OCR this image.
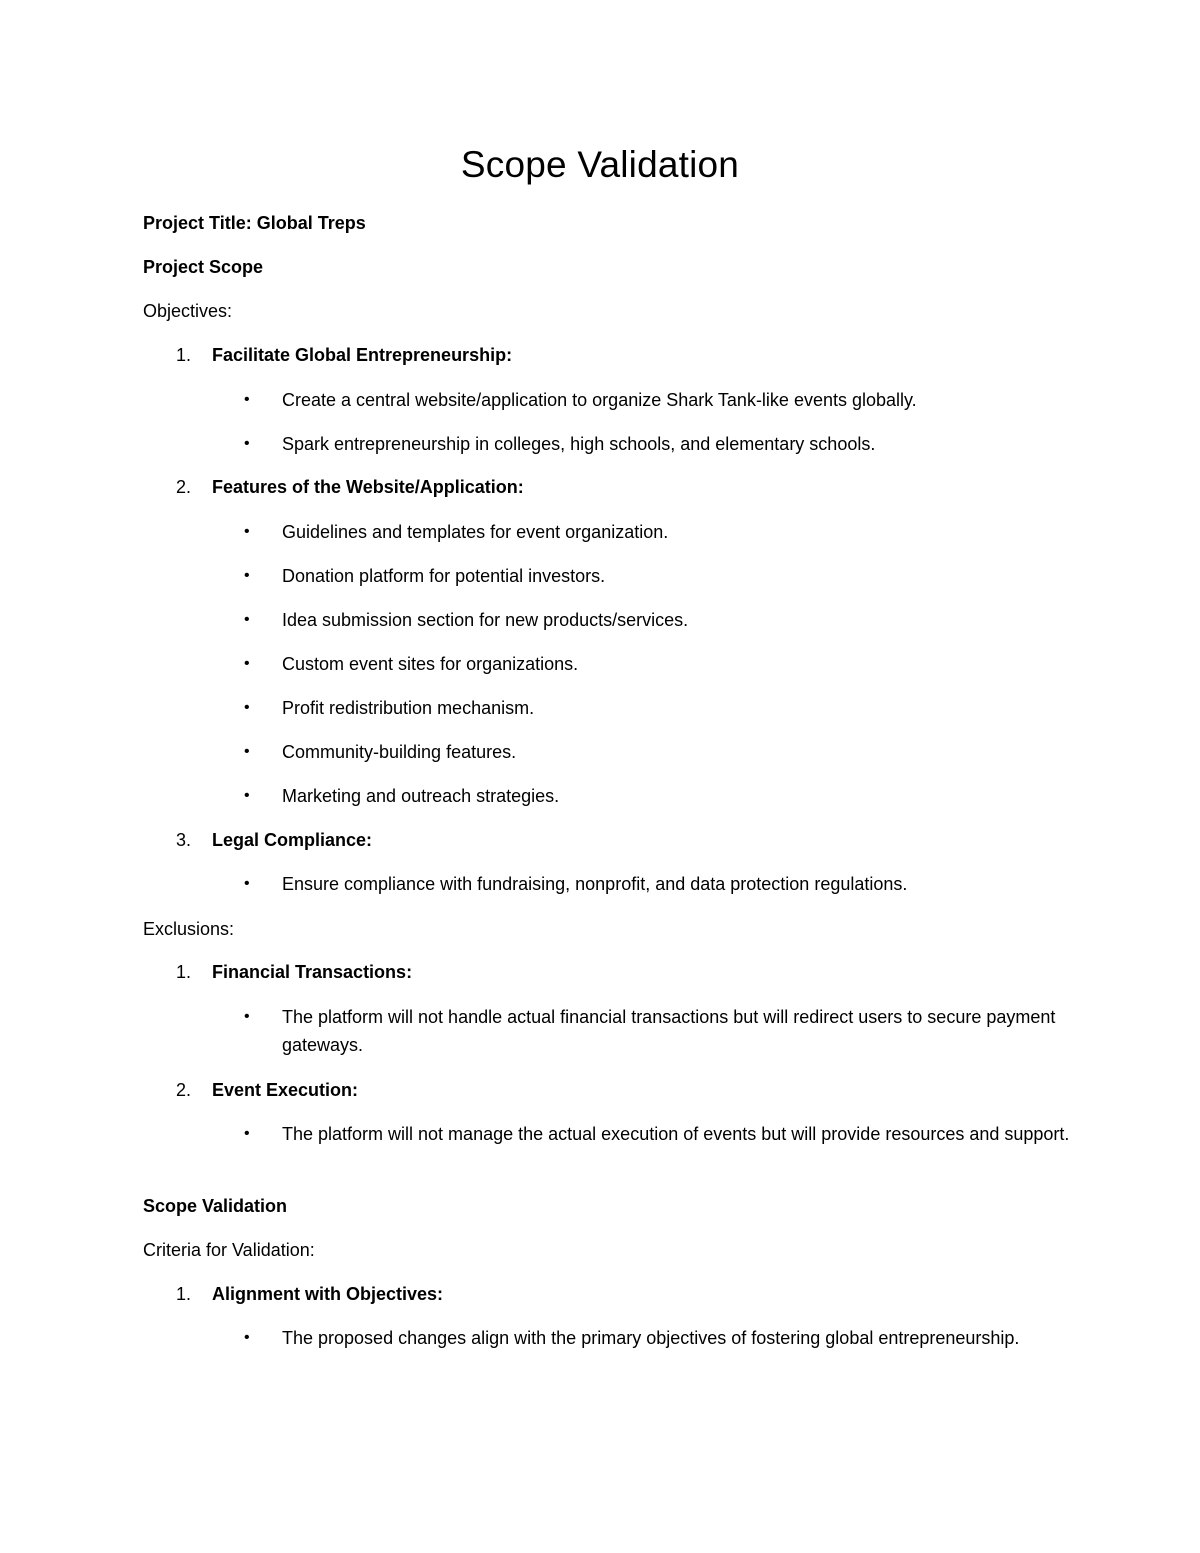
Scope Validation
Project Title: Global Treps
Project Scope
Objectives:
1. Facilitate Global Entrepreneurship:
•	Create a central website/application to organize Shark Tank-like events globally.
•	Spark entrepreneurship in colleges, high schools, and elementary schools.
2. Features of the Website/Application:
•	Guidelines and templates for event organization.
•	Donation platform for potential investors.
•	Idea submission section for new products/services.
•	Custom event sites for organizations.
•	Profit redistribution mechanism.
•	Community-building features.
•	Marketing and outreach strategies.
3. Legal Compliance:
•	Ensure compliance with fundraising, nonprofit, and data protection regulations.
Exclusions:
1. Financial Transactions:
•	The platform will not handle actual financial transactions but will redirect users to secure payment gateways.
2. Event Execution:
•	The platform will not manage the actual execution of events but will provide resources and support.
Scope Validation
Criteria for Validation:
1. Alignment with Objectives:
•	The proposed changes align with the primary objectives of fostering global entrepreneurship.
